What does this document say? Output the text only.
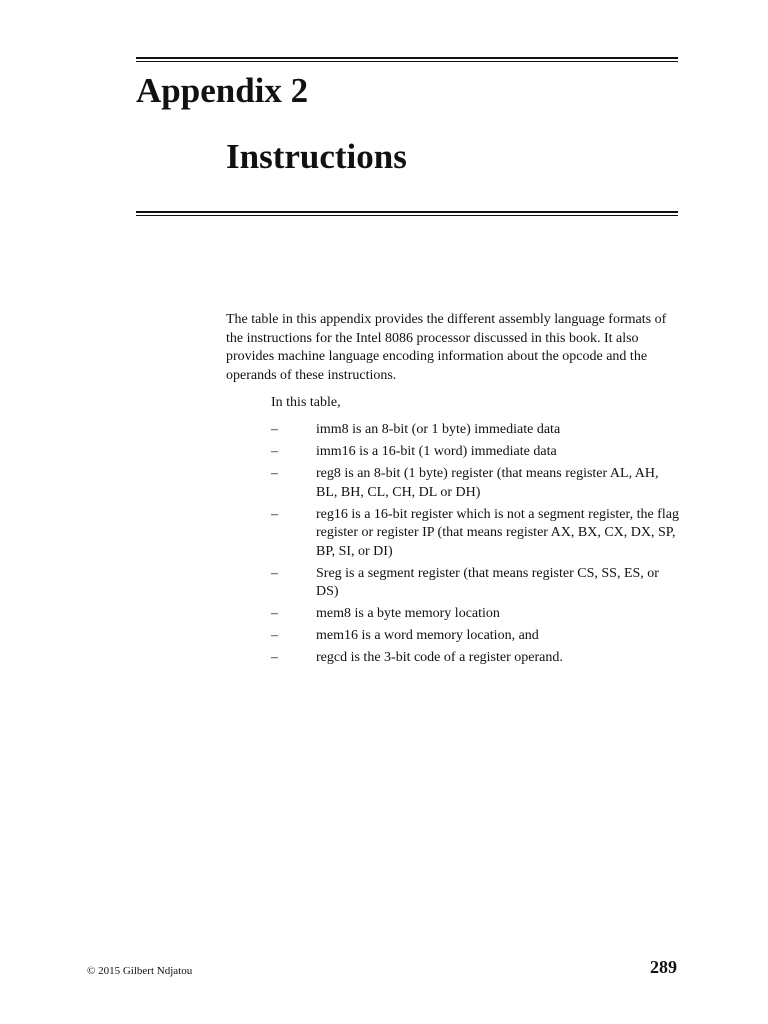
Appendix 2
Instructions

The table in this appendix provides the different assembly language formats of the instructions for the Intel 8086 processor discussed in this book. It also provides machine language encoding information about the opcode and the operands of these instructions.

In this table,
–	imm8 is an 8-bit (or 1 byte) immediate data
–	imm16 is a 16-bit (1 word) immediate data
–	reg8 is an 8-bit (1 byte) register (that means register AL, AH, BL, BH, CL, CH, DL or DH)
–	reg16 is a 16-bit register which is not a segment register, the flag register or register IP (that means register AX, BX, CX, DX, SP, BP, SI, or DI)
–	Sreg is a segment register (that means register CS, SS, ES, or DS)
–	mem8 is a byte memory location
–	mem16 is a word memory location, and
–	regcd is the 3-bit code of a register operand.
© 2015 Gilbert Ndjatou	289
